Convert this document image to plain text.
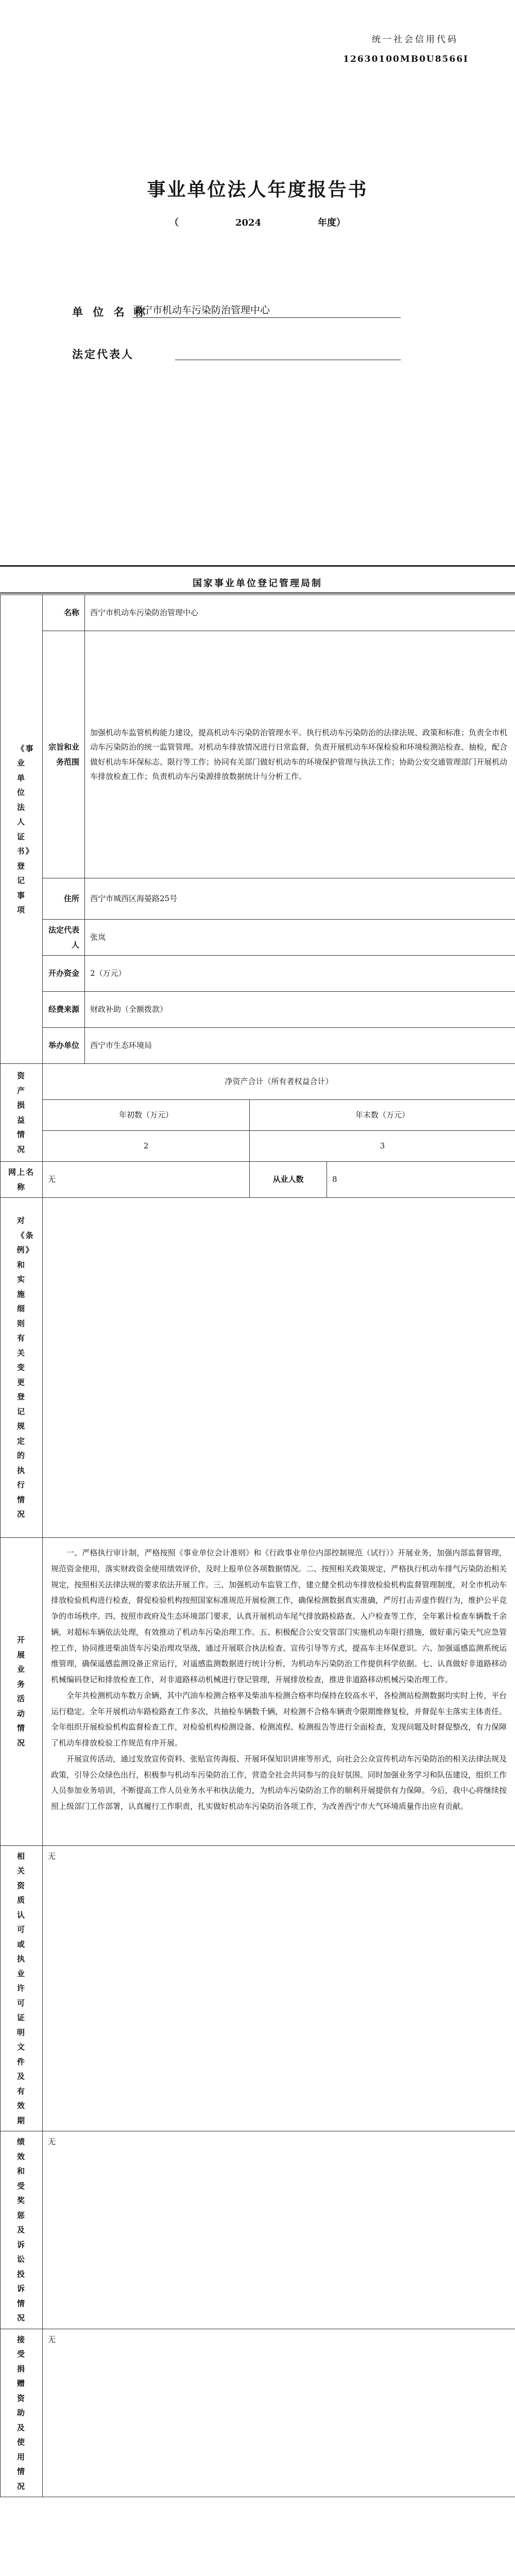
统一社会信用代码
12630100MB0U8566I
事业单位法人年度报告书
（	2024	年度）
单 位 名 称
西宁市机动车污染防治管理中心
法定代表人
国家事业单位登记管理局制
《事业单位法人证书》登记事项	名称	西宁市机动车污染防治管理中心		
	宗旨和业务范围	加强机动车监管机构能力建设，提高机动车污染防治管理水平。执行机动车污染防治的法律法规、政策和标准；负责全市机动车污染防治的统一监管管理。对机动车排放情况进行日常监督，负责开展机动车环保检验和环境检测站检查、抽检，配合做好机动车环保标志、限行等工作；协同有关部门做好机动车的环境保护管理与执法工作；协助公安交通管理部门开展机动车排放检查工作；负责机动车污染源排放数据统计与分析工作。		
	住所	西宁市城西区海晏路25号		
	法定代表人	张岚		
	开办资金	2（万元）		
	经费来源	财政补助（全额拨款）		
	举办单位	西宁市生态环境局		
资产损益情况	净资产合计（所有者权益合计）			
	年初数（万元）		年末数（万元）	
	2		3	
网上名称	无		从业人数	8
对《条例》和实施细则有关变更登记规定的执行情况				
开展业务活动情况	一、严格执行审计制，严格按照《事业单位会计准则》和《行政事业单位内部控制规范（试行）》开展业务，加强内部监督管理，规范资金使用，落实财政资金使用绩效评价，及时上报单位各项数据情况。二、按照相关政策规定，严格执行机动车排气污染防治相关规定，按照相关法律法规的要求依法开展工作。三、加强机动车监管工作，建立健全机动车排放检验机构监督管理制度，对全市机动车排放检验机构进行检查，督促检验机构按照国家标准规范开展检测工作，确保检测数据真实准确，严厉打击弄虚作假行为，维护公平竞争的市场秩序。四、按照市政府及生态环境部门要求，认真开展机动车尾气排放路检路查、入户检查等工作，全年累计检查车辆数千余辆，对超标车辆依法处理，有效推动了机动车污染治理工作。五、积极配合公安交管部门实施机动车限行措施，做好重污染天气应急管控工作，协同推进柴油货车污染治理攻坚战，通过开展联合执法检查、宣传引导等方式，提高车主环保意识。六、加强遥感监测系统运维管理，确保遥感监测设备正常运行，对遥感监测数据进行统计分析，为机动车污染防治工作提供科学依据。七、认真做好非道路移动机械编码登记和排放检查工作，对非道路移动机械进行登记管理，开展排放检查，推进非道路移动机械污染治理工作。

全年共检测机动车数万余辆，其中汽油车检测合格率及柴油车检测合格率均保持在较高水平，各检测站检测数据均实时上传，平台运行稳定。全年开展机动车路检路查工作多次，共抽检车辆数千辆，对检测不合格车辆责令限期维修复检，并督促车主落实主体责任。全年组织开展检验机构监督检查工作，对检验机构检测设备、检测流程、检测报告等进行全面检查，发现问题及时督促整改，有力保障了机动车排放检验工作规范有序开展。

开展宣传活动，通过发放宣传资料、张贴宣传海报、开展环保知识讲座等形式，向社会公众宣传机动车污染防治的相关法律法规及政策，引导公众绿色出行，积极参与机动车污染防治工作，营造全社会共同参与的良好氛围。同时加强业务学习和队伍建设，组织工作人员参加业务培训，不断提高工作人员业务水平和执法能力，为机动车污染防治工作的顺利开展提供有力保障。今后，我中心将继续按照上级部门工作部署，认真履行工作职责，扎实做好机动车污染防治各项工作，为改善西宁市大气环境质量作出应有贡献。			

相关资质认可或执业许可证明文件及有效期	无			
绩效和受奖惩及诉讼投诉情况	无			
接受捐赠资助及使用情况	无			
